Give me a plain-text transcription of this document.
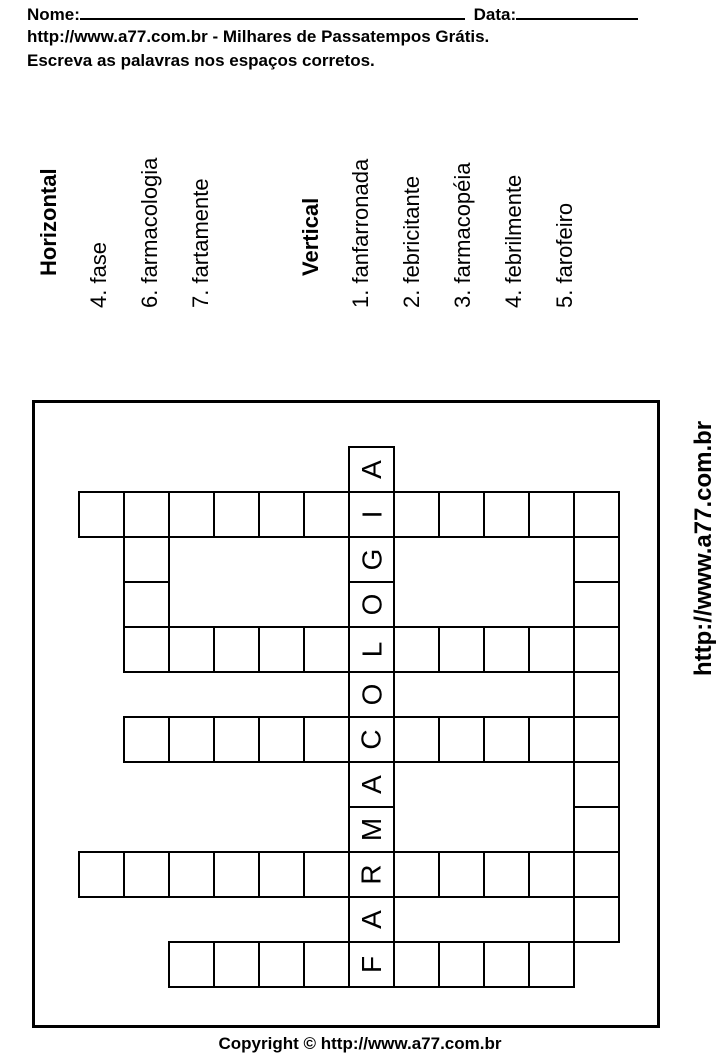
Nome:	Data:
http://www.a77.com.br - Milhares de Passatempos Grátis.
Escreva as palavras nos espaços corretos.
Horizontal 4. fase 6. farmacologia 7. fartamente	Vertical 1. fanfarronada 2. febricitante 3. farmacopéia 4. febrilmente 5. farofeiro
http://www.a77.com.br
F
A
R
M
A
C
O
L
O
G
I
A
Copyright © http://www.a77.com.br
